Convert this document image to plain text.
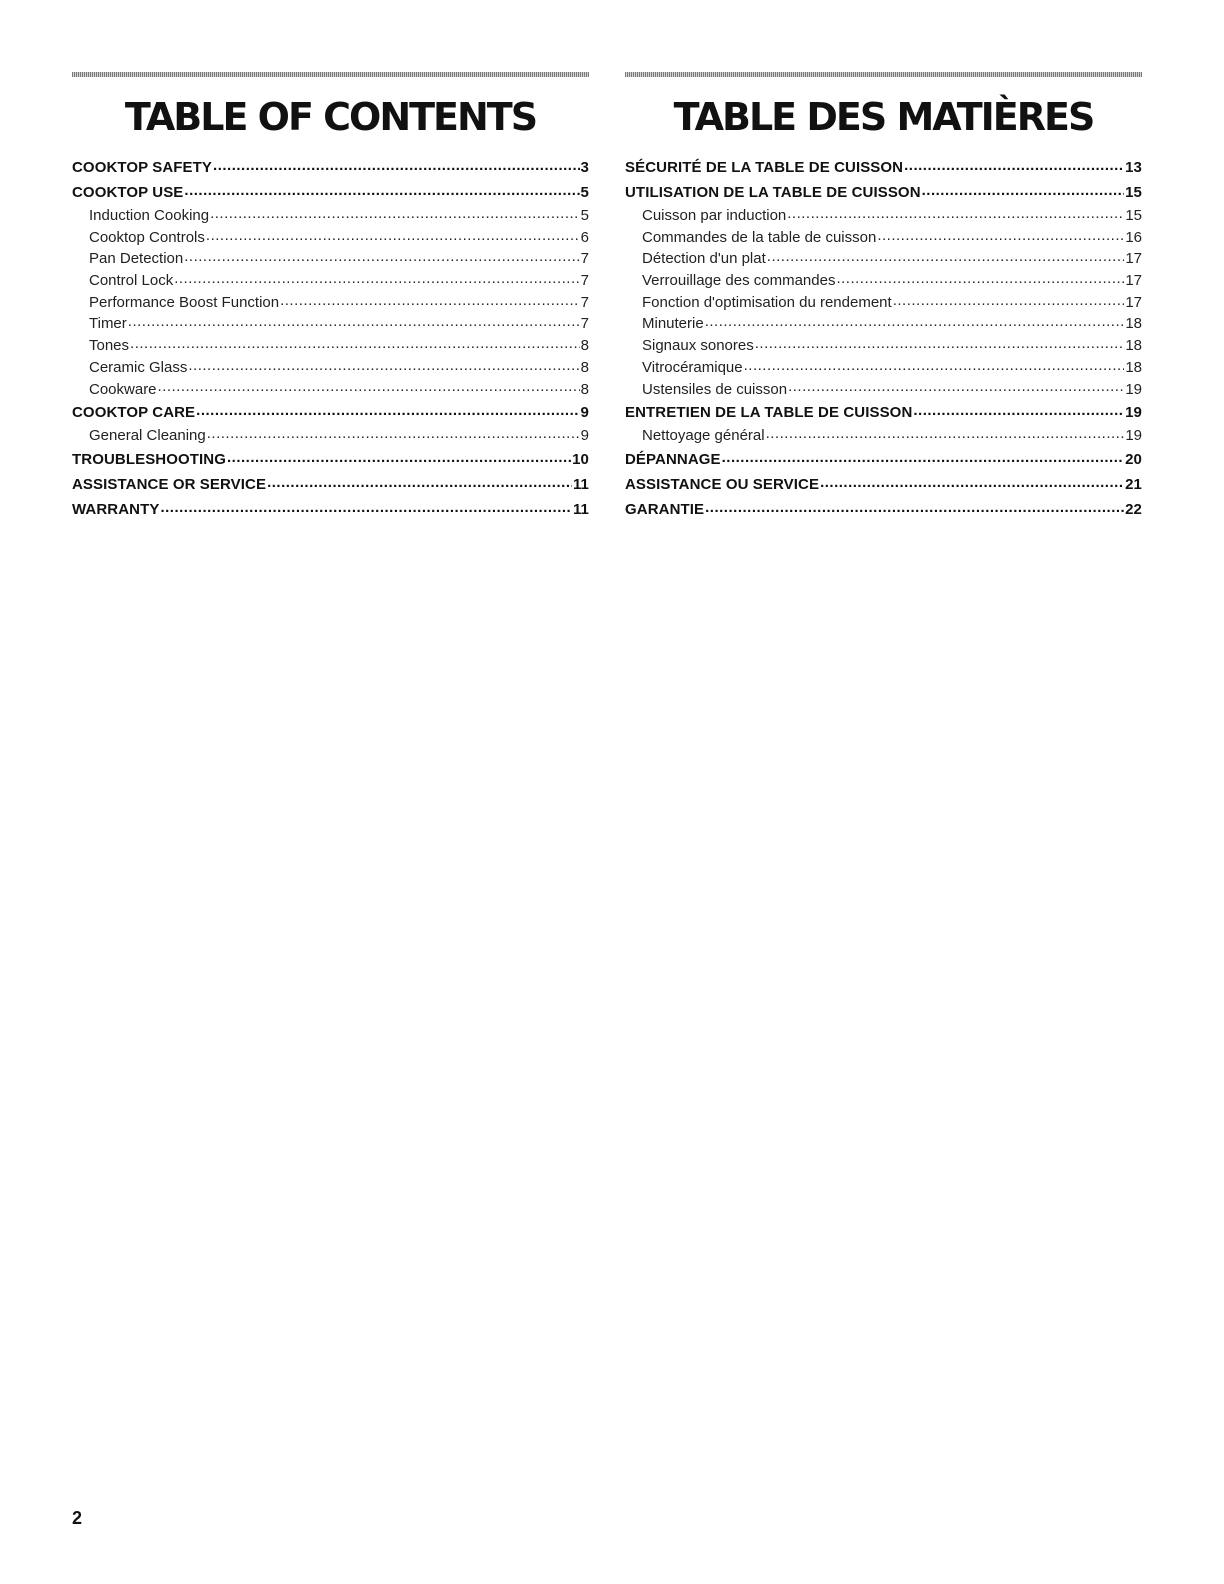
TABLE OF CONTENTS
COOKTOP SAFETY .....	3
COOKTOP USE .....	5
Induction Cooking .....	5
Cooktop Controls .....	6
Pan Detection .....	7
Control Lock .....	7
Performance Boost Function .....	7
Timer .....	7
Tones .....	8
Ceramic Glass .....	8
Cookware .....	8
COOKTOP CARE .....	9
General Cleaning .....	9
TROUBLESHOOTING .....	10
ASSISTANCE OR SERVICE .....	11
WARRANTY .....	11
TABLE DES MATIÈRES
SÉCURITÉ DE LA TABLE DE CUISSON .....	13
UTILISATION DE LA TABLE DE CUISSON .....	15
Cuisson par induction .....	15
Commandes de la table de cuisson .....	16
Détection d'un plat .....	17
Verrouillage des commandes .....	17
Fonction d'optimisation du rendement .....	17
Minuterie .....	18
Signaux sonores .....	18
Vitrocéramique .....	18
Ustensiles de cuisson .....	19
ENTRETIEN DE LA TABLE DE CUISSON .....	19
Nettoyage général .....	19
DÉPANNAGE .....	20
ASSISTANCE OU SERVICE .....	21
GARANTIE .....	22
2
